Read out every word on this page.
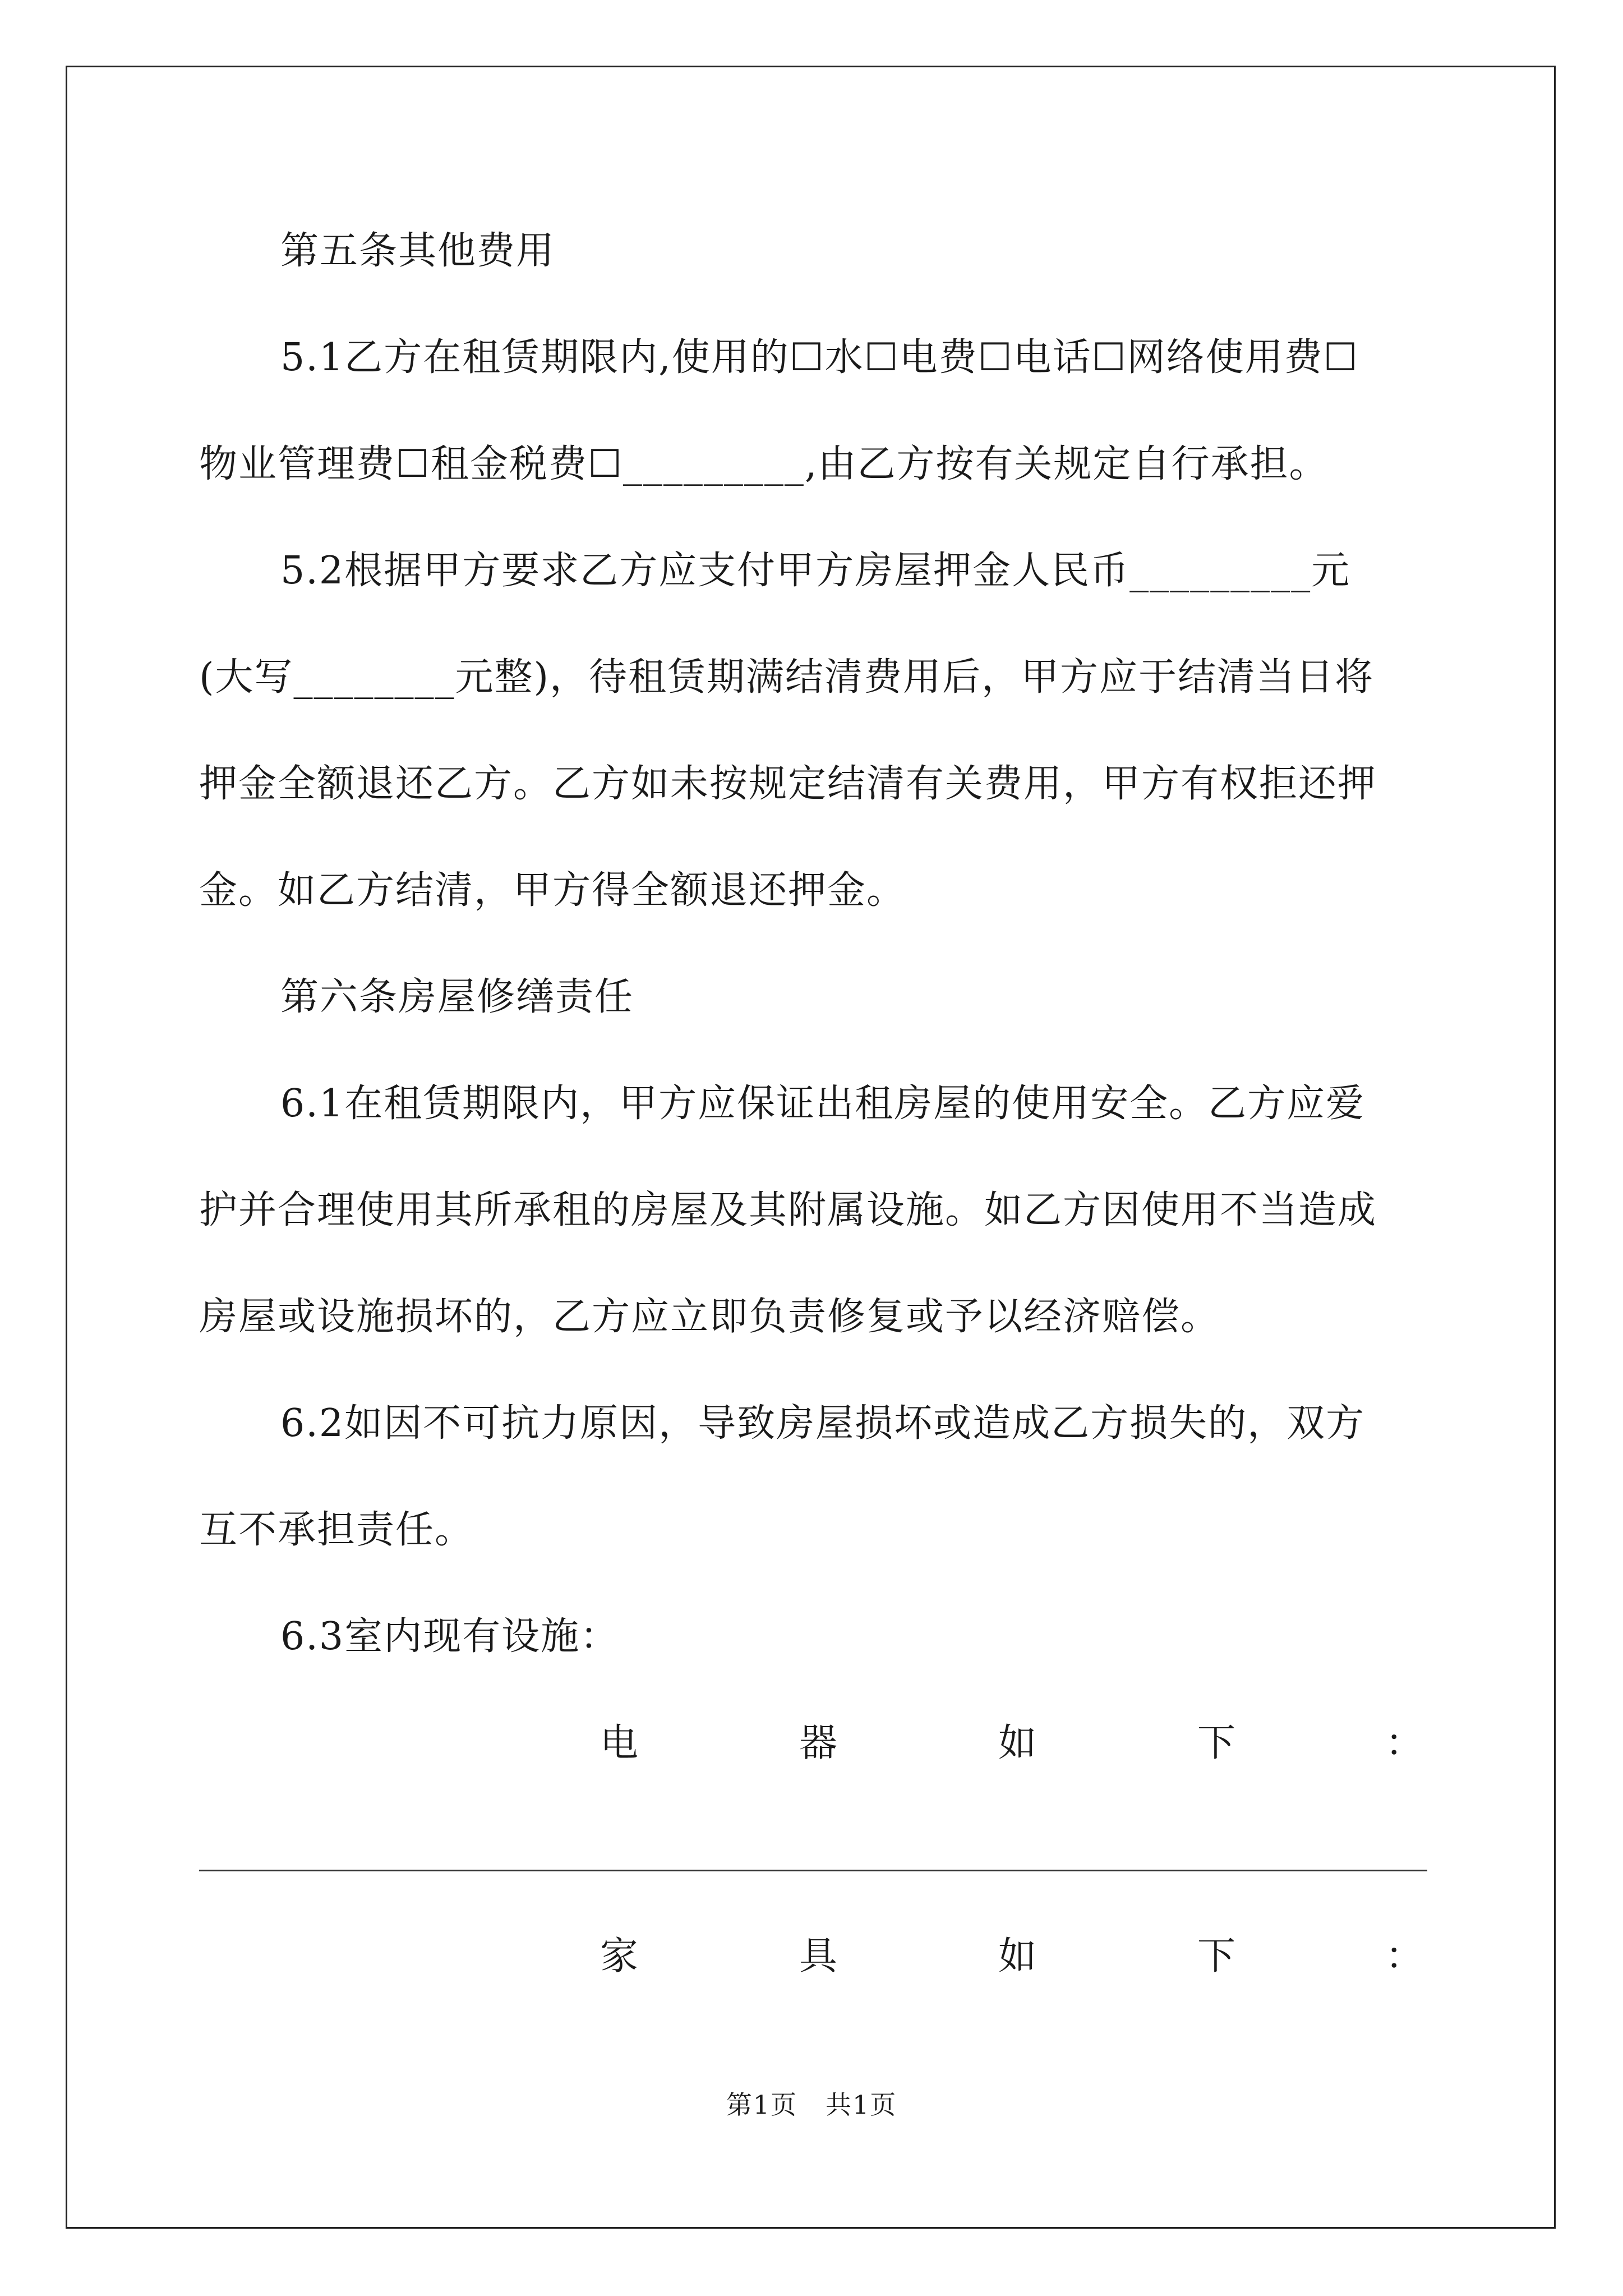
第五条其他费用
5.1乙方在租赁期限内,使用的☐水☐电费☐电话☐网络使用费☐
物业管理费☐租金税费☐_________,由乙方按有关规定自行承担。
5.2根据甲方要求乙方应支付甲方房屋押金人民币_________元
(大写________元整)，待租赁期满结清费用后，甲方应于结清当日将
押金全额退还乙方。乙方如未按规定结清有关费用，甲方有权拒还押
金。如乙方结清，甲方得全额退还押金。
第六条房屋修缮责任
6.1在租赁期限内，甲方应保证出租房屋的使用安全。乙方应爱
护并合理使用其所承租的房屋及其附属设施。如乙方因使用不当造成
房屋或设施损坏的，乙方应立即负责修复或予以经济赔偿。
6.2如因不可抗力原因，导致房屋损坏或造成乙方损失的，双方
互不承担责任。
6.3室内现有设施：
电	器	如	下	：
家	具	如	下	：
第1页 共1页
